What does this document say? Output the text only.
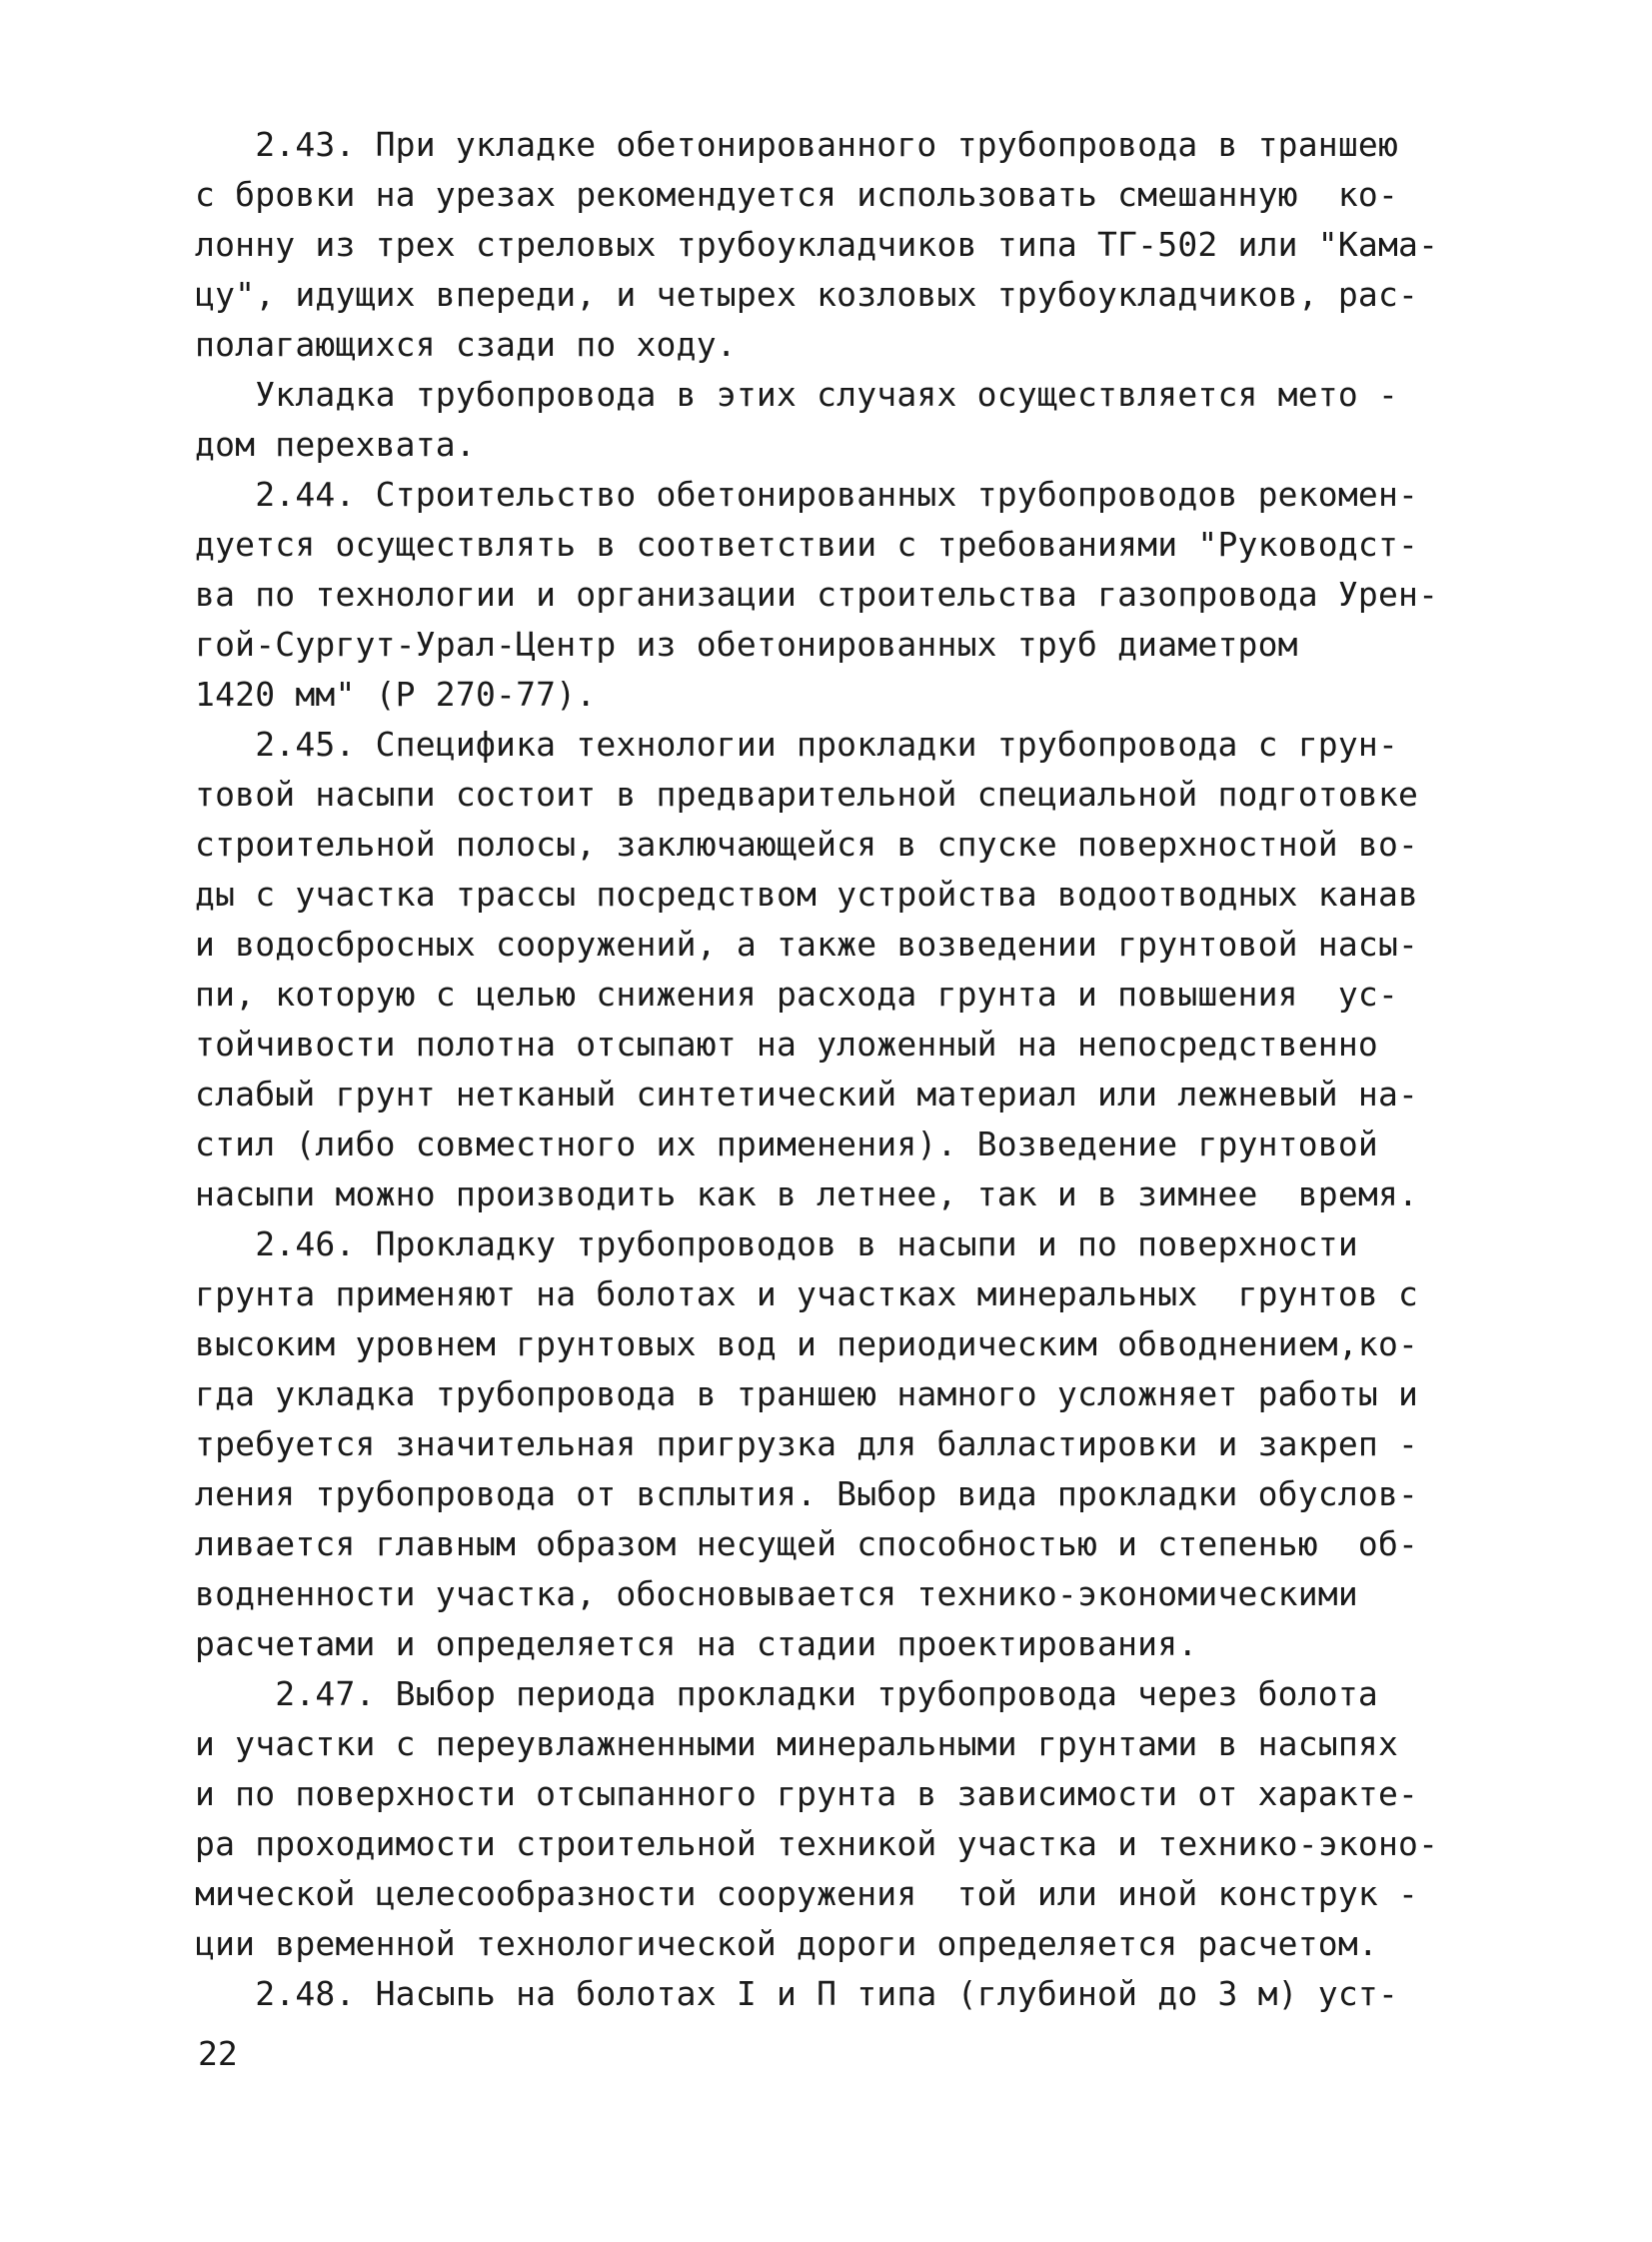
2.43. При укладке обетонированного трубопровода в траншею
с бровки на урезах рекомендуется использовать смешанную  ко-
лонну из трех стреловых трубоукладчиков типа ТГ-502 или "Кама-
цу", идущих впереди, и четырех козловых трубоукладчиков, рас-
полагающихся сзади по ходу.
Укладка трубопровода в этих случаях осуществляется мето -
дом перехвата.
2.44. Строительство обетонированных трубопроводов рекомен-
дуется осуществлять в соответствии с требованиями "Руководст-
ва по технологии и организации строительства газопровода Урен-
гой-Сургут-Урал-Центр из обетонированных труб диаметром
1420 мм" (Р 270-77).
2.45. Специфика технологии прокладки трубопровода с грун-
товой насыпи состоит в предварительной специальной подготовке
строительной полосы, заключающейся в спуске поверхностной во-
ды с участка трассы посредством устройства водоотводных канав
и водосбросных сооружений, а также возведении грунтовой насы-
пи, которую с целью снижения расхода грунта и повышения  ус-
тойчивости полотна отсыпают на уложенный на непосредственно
слабый грунт нетканый синтетический материал или лежневый на-
стил (либо совместного их применения). Возведение грунтовой
насыпи можно производить как в летнее, так и в зимнее  время.
2.46. Прокладку трубопроводов в насыпи и по поверхности
грунта применяют на болотах и участках минеральных  грунтов с
высоким уровнем грунтовых вод и периодическим обводнением,ко-
гда укладка трубопровода в траншею намного усложняет работы и
требуется значительная пригрузка для балластировки и закреп -
ления трубопровода от всплытия. Выбор вида прокладки обуслов-
ливается главным образом несущей способностью и степенью  об-
водненности участка, обосновывается технико-экономическими
расчетами и определяется на стадии проектирования.
2.47. Выбор периода прокладки трубопровода через болота
и участки с переувлажненными минеральными грунтами в насыпях
и по поверхности отсыпанного грунта в зависимости от характе-
ра проходимости строительной техникой участка и технико-эконо-
мической целесообразности сооружения  той или иной конструк -
ции временной технологической дороги определяется расчетом.
2.48. Насыпь на болотах I и П типа (глубиной до 3 м) уст-
22
